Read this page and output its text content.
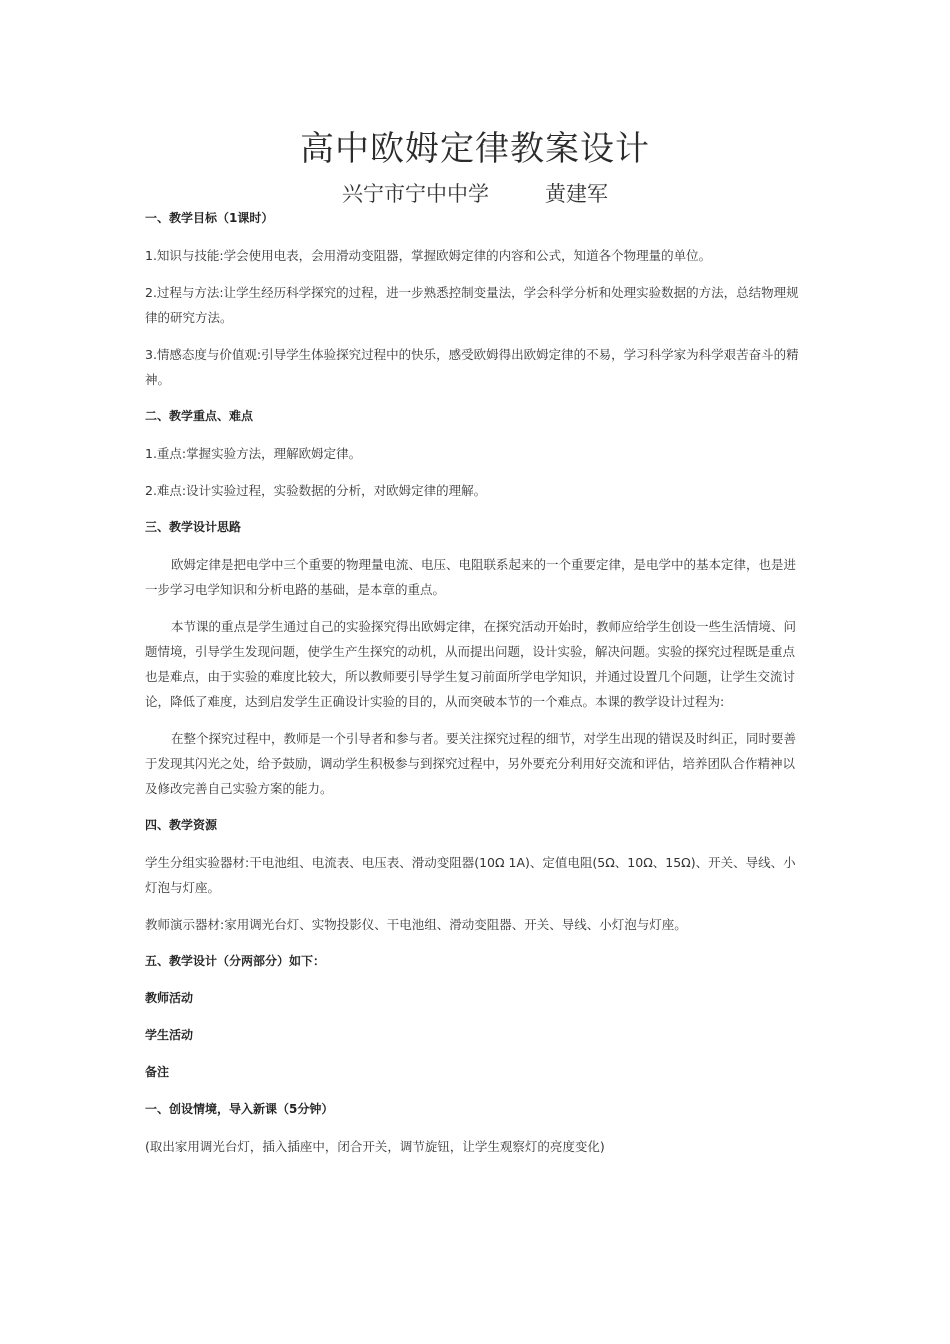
高中欧姆定律教案设计
兴宁市宁中中学	黄建军

一、教学目标（1课时）

1.知识与技能:学会使用电表，会用滑动变阻器，掌握欧姆定律的内容和公式，知道各个物理量的单位。

2.过程与方法:让学生经历科学探究的过程，进一步熟悉控制变量法，学会科学分析和处理实验数据的方法，总结物理规律的研究方法。

3.情感态度与价值观:引导学生体验探究过程中的快乐，感受欧姆得出欧姆定律的不易，学习科学家为科学艰苦奋斗的精神。

二、教学重点、难点

1.重点:掌握实验方法，理解欧姆定律。

2.难点:设计实验过程，实验数据的分析，对欧姆定律的理解。

三、教学设计思路

欧姆定律是把电学中三个重要的物理量电流、电压、电阻联系起来的一个重要定律，是电学中的基本定律，也是进一步学习电学知识和分析电路的基础，是本章的重点。

本节课的重点是学生通过自己的实验探究得出欧姆定律，在探究活动开始时，教师应给学生创设一些生活情境、问题情境，引导学生发现问题，使学生产生探究的动机，从而提出问题，设计实验，解决问题。实验的探究过程既是重点也是难点，由于实验的难度比较大，所以教师要引导学生复习前面所学电学知识，并通过设置几个问题，让学生交流讨论，降低了难度，达到启发学生正确设计实验的目的，从而突破本节的一个难点。本课的教学设计过程为:

在整个探究过程中，教师是一个引导者和参与者。要关注探究过程的细节，对学生出现的错误及时纠正，同时要善于发现其闪光之处，给予鼓励，调动学生积极参与到探究过程中，另外要充分利用好交流和评估，培养团队合作精神以及修改完善自己实验方案的能力。

四、教学资源

学生分组实验器材:干电池组、电流表、电压表、滑动变阻器(10Ω 1A)、定值电阻(5Ω、10Ω、15Ω)、开关、导线、小灯泡与灯座。

教师演示器材:家用调光台灯、实物投影仪、干电池组、滑动变阻器、开关、导线、小灯泡与灯座。

五、教学设计（分两部分）如下：

教师活动

学生活动

备注

一、创设情境，导入新课（5分钟）

(取出家用调光台灯，插入插座中，闭合开关，调节旋钮，让学生观察灯的亮度变化)
